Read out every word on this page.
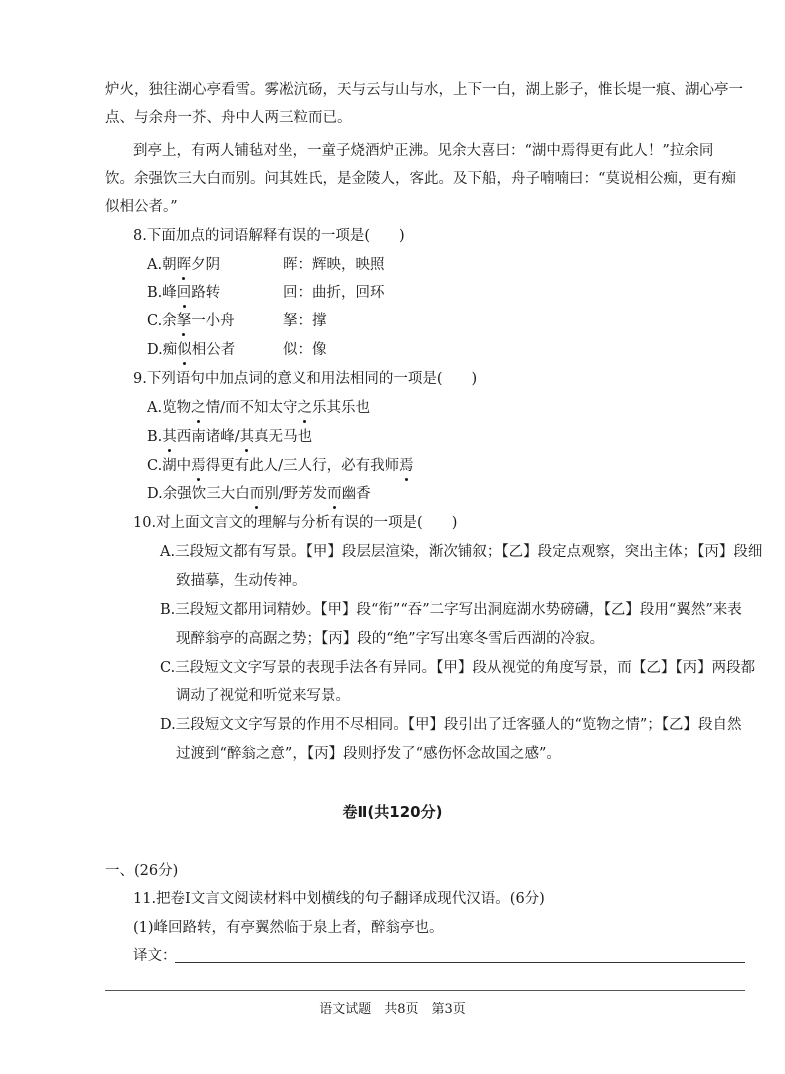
炉火，独往湖心亭看雪。雾凇沆砀，天与云与山与水，上下一白，湖上影子，惟长堤一痕、湖心亭一
点、与余舟一芥、舟中人两三粒而已。
到亭上，有两人铺毡对坐，一童子烧酒炉正沸。见余大喜曰：“湖中焉得更有此人！”拉余同
饮。余强饮三大白而别。问其姓氏，是金陵人，客此。及下船，舟子喃喃曰：“莫说相公痴，更有痴
似相公者。”
8.下面加点的词语解释有误的一项是(　　)
A.朝晖夕阴	晖：辉映，映照
B.峰回路转	回：曲折，回环
C.余拏一小舟	拏：撑
D.痴似相公者	似：像
9.下列语句中加点词的意义和用法相同的一项是(　　)
A.览物之情/而不知太守之乐其乐也
B.其西南诸峰/其真无马也
C.湖中焉得更有此人/三人行，必有我师焉
D.余强饮三大白而别/野芳发而幽香
10.对上面文言文的理解与分析有误的一项是(　　)
A.三段短文都有写景。【甲】段层层渲染，渐次铺叙；【乙】段定点观察，突出主体；【丙】段细
致描摹，生动传神。
B.三段短文都用词精妙。【甲】段“衔”“吞”二字写出洞庭湖水势磅礴，【乙】段用“翼然”来表
现醉翁亭的高踞之势；【丙】段的“绝”字写出寒冬雪后西湖的冷寂。
C.三段短文文字写景的表现手法各有异同。【甲】段从视觉的角度写景，而【乙】【丙】两段都
调动了视觉和听觉来写景。
D.三段短文文字写景的作用不尽相同。【甲】段引出了迁客骚人的“览物之情”；【乙】段自然
过渡到“醉翁之意”，【丙】段则抒发了“感伤怀念故国之感”。
卷Ⅱ(共120分)
一、(26分)
11.把卷Ⅰ文言文阅读材料中划横线的句子翻译成现代汉语。(6分)
(1)峰回路转，有亭翼然临于泉上者，醉翁亭也。
译文：
语文试题　共8页　第3页
